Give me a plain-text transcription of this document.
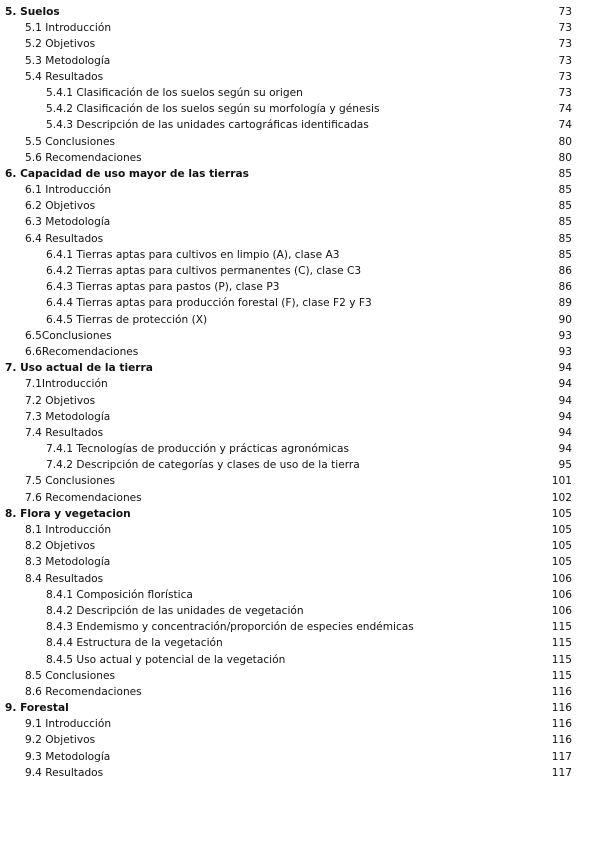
5. Suelos	73
5.1 Introducción	73
5.2 Objetivos	73
5.3 Metodología	73
5.4 Resultados	73
5.4.1 Clasificación de los suelos según su origen	73
5.4.2 Clasificación de los suelos según su morfología y génesis	74
5.4.3 Descripción de las unidades cartográficas identificadas	74
5.5 Conclusiones	80
5.6 Recomendaciones	80
6. Capacidad de uso mayor de las tierras	85
6.1 Introducción	85
6.2 Objetivos	85
6.3 Metodología	85
6.4 Resultados	85
6.4.1 Tierras aptas para cultivos en limpio (A), clase A3	85
6.4.2 Tierras aptas para cultivos permanentes (C), clase C3	86
6.4.3 Tierras aptas para pastos (P), clase P3	86
6.4.4 Tierras aptas para producción forestal (F), clase F2 y F3	89
6.4.5 Tierras de protección (X)	90
6.5Conclusiones	93
6.6Recomendaciones	93
7. Uso actual de la tierra	94
7.1Introducción	94
7.2 Objetivos	94
7.3 Metodología	94
7.4 Resultados	94
7.4.1 Tecnologías de producción y prácticas agronómicas	94
7.4.2 Descripción de categorías y clases de uso de la tierra	95
7.5 Conclusiones	101
7.6 Recomendaciones	102
8. Flora y vegetacion	105
8.1 Introducción	105
8.2 Objetivos	105
8.3 Metodología	105
8.4 Resultados	106
8.4.1 Composición florística	106
8.4.2 Descripción de las unidades de vegetación	106
8.4.3 Endemismo y concentración/proporción de especies endémicas	115
8.4.4 Estructura de la vegetación	115
8.4.5 Uso actual y potencial de la vegetación	115
8.5 Conclusiones	115
8.6 Recomendaciones	116
9. Forestal	116
9.1 Introducción	116
9.2 Objetivos	116
9.3 Metodología	117
9.4 Resultados	117
